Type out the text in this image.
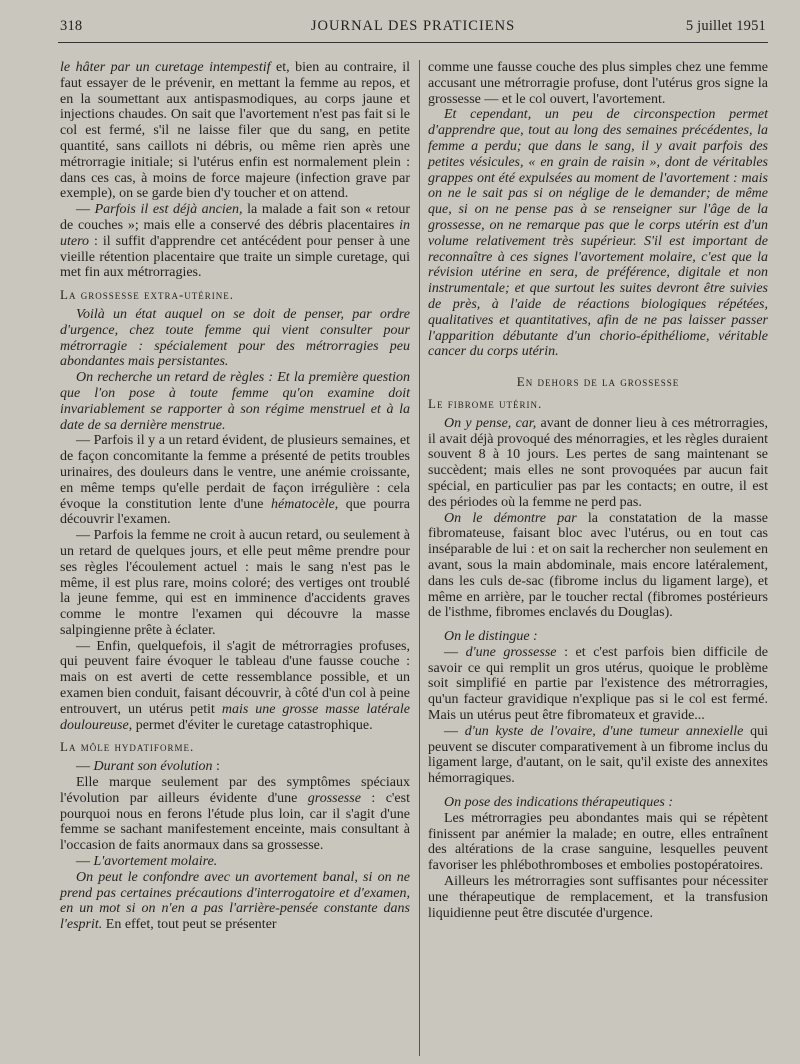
318	JOURNAL DES PRATICIENS	5 juillet 1951

le hâter par un curetage intempestif et, bien au contraire, il faut essayer de le prévenir, en mettant la femme au repos, et en la soumettant aux antispasmodiques, au corps jaune et injections chaudes. On sait que l'avortement n'est pas fait si le col est fermé, s'il ne laisse filer que du sang, en petite quantité, sans caillots ni débris, ou même rien après une métrorragie initiale; si l'utérus enfin est normalement plein : dans ces cas, à moins de force majeure (infection grave par exemple), on se garde bien d'y toucher et on attend.

— Parfois il est déjà ancien, la malade a fait son « retour de couches »; mais elle a conservé des débris placentaires in utero : il suffit d'apprendre cet antécédent pour penser à une vieille rétention placentaire que traite un simple curetage, qui met fin aux métrorragies.

La grossesse extra-utérine.

Voilà un état auquel on se doit de penser, par ordre d'urgence, chez toute femme qui vient consulter pour métrorragie : spécialement pour des métrorragies peu abondantes mais persistantes.

On recherche un retard de règles : Et la première question que l'on pose à toute femme qu'on examine doit invariablement se rapporter à son régime menstruel et à la date de sa dernière menstrue.

— Parfois il y a un retard évident, de plusieurs semaines, et de façon concomitante la femme a présenté de petits troubles urinaires, des douleurs dans le ventre, une anémie croissante, en même temps qu'elle perdait de façon irrégulière : cela évoque la constitution lente d'une hématocèle, que pourra découvrir l'examen.

— Parfois la femme ne croit à aucun retard, ou seulement à un retard de quelques jours, et elle peut même prendre pour ses règles l'écoulement actuel : mais le sang n'est pas le même, il est plus rare, moins coloré; des vertiges ont troublé la jeune femme, qui est en imminence d'accidents graves comme le montre l'examen qui découvre la masse salpingienne prête à éclater.

— Enfin, quelquefois, il s'agit de métrorragies profuses, qui peuvent faire évoquer le tableau d'une fausse couche : mais on est averti de cette ressemblance possible, et un examen bien conduit, faisant découvrir, à côté d'un col à peine entrouvert, un utérus petit mais une grosse masse latérale douloureuse, permet d'éviter le curetage catastrophique.

La môle hydatiforme.

— Durant son évolution :

Elle marque seulement par des symptômes spéciaux l'évolution par ailleurs évidente d'une grossesse : c'est pourquoi nous en ferons l'étude plus loin, car il s'agit d'une femme se sachant manifestement enceinte, mais consultant à l'occasion de faits anormaux dans sa grossesse.

— L'avortement molaire.

On peut le confondre avec un avortement banal, si on ne prend pas certaines précautions d'interrogatoire et d'examen, en un mot si on n'en a pas l'arrière-pensée constante dans l'esprit. En effet, tout peut se présenter

comme une fausse couche des plus simples chez une femme accusant une métrorragie profuse, dont l'utérus gros signe la grossesse — et le col ouvert, l'avortement.

Et cependant, un peu de circonspection permet d'apprendre que, tout au long des semaines précédentes, la femme a perdu; que dans le sang, il y avait parfois des petites vésicules, « en grain de raisin », dont de véritables grappes ont été expulsées au moment de l'avortement : mais on ne le sait pas si on néglige de le demander; de même que, si on ne pense pas à se renseigner sur l'âge de la grossesse, on ne remarque pas que le corps utérin est d'un volume relativement très supérieur. S'il est important de reconnaître à ces signes l'avortement molaire, c'est que la révision utérine en sera, de préférence, digitale et non instrumentale; et que surtout les suites devront être suivies de près, à l'aide de réactions biologiques répétées, qualitatives et quantitatives, afin de ne pas laisser passer l'apparition débutante d'un chorio-épithéliome, véritable cancer du corps utérin.

En dehors de la grossesse
Le fibrome utérin.

On y pense, car, avant de donner lieu à ces métrorragies, il avait déjà provoqué des ménorragies, et les règles duraient souvent 8 à 10 jours. Les pertes de sang maintenant se succèdent; mais elles ne sont provoquées par aucun fait spécial, en particulier pas par les contacts; en outre, il est des périodes où la femme ne perd pas.

On le démontre par la constatation de la masse fibromateuse, faisant bloc avec l'utérus, ou en tout cas inséparable de lui : et on sait la rechercher non seulement en avant, sous la main abdominale, mais encore latéralement, dans les culs de-sac (fibrome inclus du ligament large), et même en arrière, par le toucher rectal (fibromes postérieurs de l'isthme, fibromes enclavés du Douglas).

On le distingue :

— d'une grossesse : et c'est parfois bien difficile de savoir ce qui remplit un gros utérus, quoique le problème soit simplifié en partie par l'existence des métrorragies, qu'un facteur gravidique n'explique pas si le col est fermé. Mais un utérus peut être fibromateux et gravide...

— d'un kyste de l'ovaire, d'une tumeur annexielle qui peuvent se discuter comparativement à un fibrome inclus du ligament large, d'autant, on le sait, qu'il existe des annexites hémorragiques.

On pose des indications thérapeutiques :

Les métrorragies peu abondantes mais qui se répètent finissent par anémier la malade; en outre, elles entraînent des altérations de la crase sanguine, lesquelles peuvent favoriser les phlébothromboses et embolies postopératoires.

Ailleurs les métrorragies sont suffisantes pour nécessiter une thérapeutique de remplacement, et la transfusion liquidienne peut être discutée d'urgence.
